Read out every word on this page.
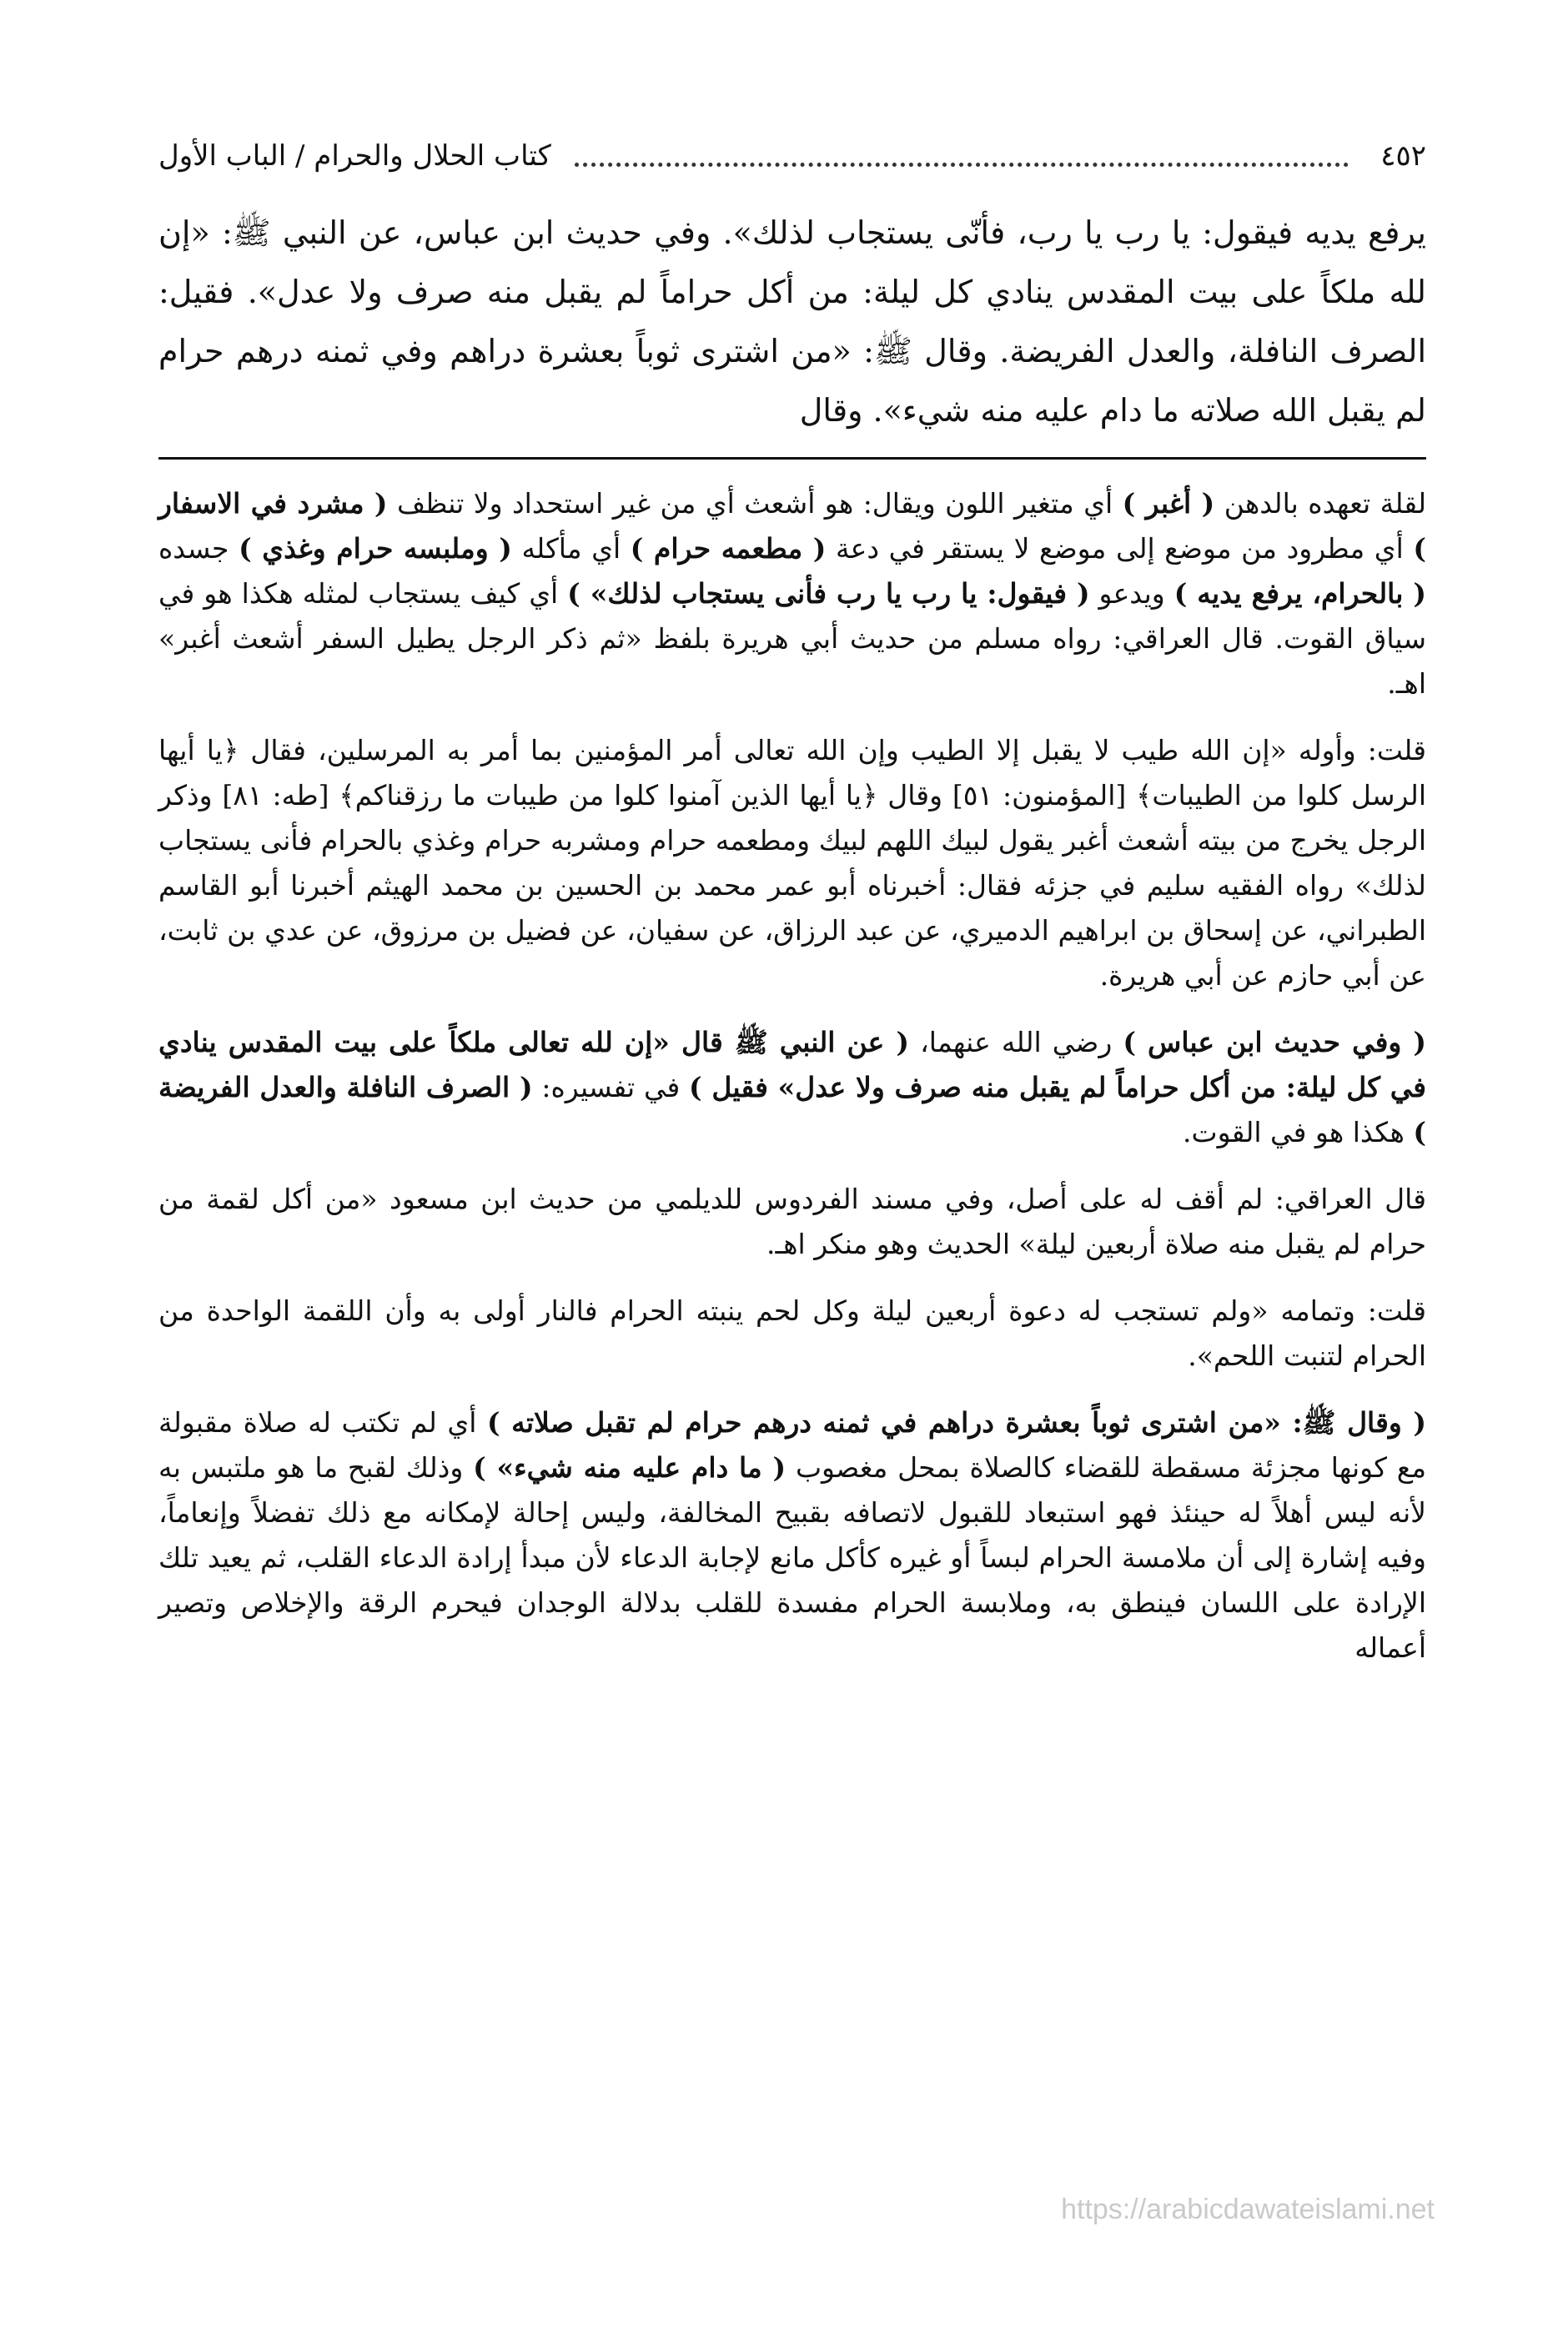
٤٥٢
كتاب الحلال والحرام / الباب الأول

يرفع يديه فيقول: يا رب يا رب، فأنّى يستجاب لذلك». وفي حديث ابن عباس، عن النبي ﷺ: «إن لله ملكاً على بيت المقدس ينادي كل ليلة: من أكل حراماً لم يقبل منه صرف ولا عدل». فقيل: الصرف النافلة، والعدل الفريضة. وقال ﷺ: «من اشترى ثوباً بعشرة دراهم وفي ثمنه درهم حرام لم يقبل الله صلاته ما دام عليه منه شيء». وقال

لقلة تعهده بالدهن ( أغبر ) أي متغير اللون ويقال: هو أشعث أي من غير استحداد ولا تنظف ( مشرد في الاسفار ) أي مطرود من موضع إلى موضع لا يستقر في دعة ( مطعمه حرام ) أي مأكله ( وملبسه حرام وغذي ) جسده ( بالحرام، يرفع يديه ) ويدعو ( فيقول: يا رب يا رب فأنى يستجاب لذلك» ) أي كيف يستجاب لمثله هكذا هو في سياق القوت. قال العراقي: رواه مسلم من حديث أبي هريرة بلفظ «ثم ذكر الرجل يطيل السفر أشعث أغبر» اهـ.

قلت: وأوله «إن الله طيب لا يقبل إلا الطيب وإن الله تعالى أمر المؤمنين بما أمر به المرسلين، فقال ﴿يا أيها الرسل كلوا من الطيبات﴾ [المؤمنون: ٥١] وقال ﴿يا أيها الذين آمنوا كلوا من طيبات ما رزقناكم﴾ [طه: ٨١] وذكر الرجل يخرج من بيته أشعث أغبر يقول لبيك اللهم لبيك ومطعمه حرام ومشربه حرام وغذي بالحرام فأنى يستجاب لذلك» رواه الفقيه سليم في جزئه فقال: أخبرناه أبو عمر محمد بن الحسين بن محمد الهيثم أخبرنا أبو القاسم الطبراني، عن إسحاق بن ابراهيم الدميري، عن عبد الرزاق، عن سفيان، عن فضيل بن مرزوق، عن عدي بن ثابت، عن أبي حازم عن أبي هريرة.

( وفي حديث ابن عباس ) رضي الله عنهما، ( عن النبي ﷺ قال «إن لله تعالى ملكاً على بيت المقدس ينادي في كل ليلة: من أكل حراماً لم يقبل منه صرف ولا عدل» فقيل ) في تفسيره: ( الصرف النافلة والعدل الفريضة ) هكذا هو في القوت.

قال العراقي: لم أقف له على أصل، وفي مسند الفردوس للديلمي من حديث ابن مسعود «من أكل لقمة من حرام لم يقبل منه صلاة أربعين ليلة» الحديث وهو منكر اهـ.

قلت: وتمامه «ولم تستجب له دعوة أربعين ليلة وكل لحم ينبته الحرام فالنار أولى به وأن اللقمة الواحدة من الحرام لتنبت اللحم».

( وقال ﷺ: «من اشترى ثوباً بعشرة دراهم في ثمنه درهم حرام لم تقبل صلاته ) أي لم تكتب له صلاة مقبولة مع كونها مجزئة مسقطة للقضاء كالصلاة بمحل مغصوب ( ما دام عليه منه شيء» ) وذلك لقبح ما هو ملتبس به لأنه ليس أهلاً له حينئذ فهو استبعاد للقبول لاتصافه بقبيح المخالفة، وليس إحالة لإمكانه مع ذلك تفضلاً وإنعاماً، وفيه إشارة إلى أن ملامسة الحرام لبساً أو غيره كأكل مانع لإجابة الدعاء لأن مبدأ إرادة الدعاء القلب، ثم يعيد تلك الإرادة على اللسان فينطق به، وملابسة الحرام مفسدة للقلب بدلالة الوجدان فيحرم الرقة والإخلاص وتصير أعماله
https://arabicdawateislami.net
